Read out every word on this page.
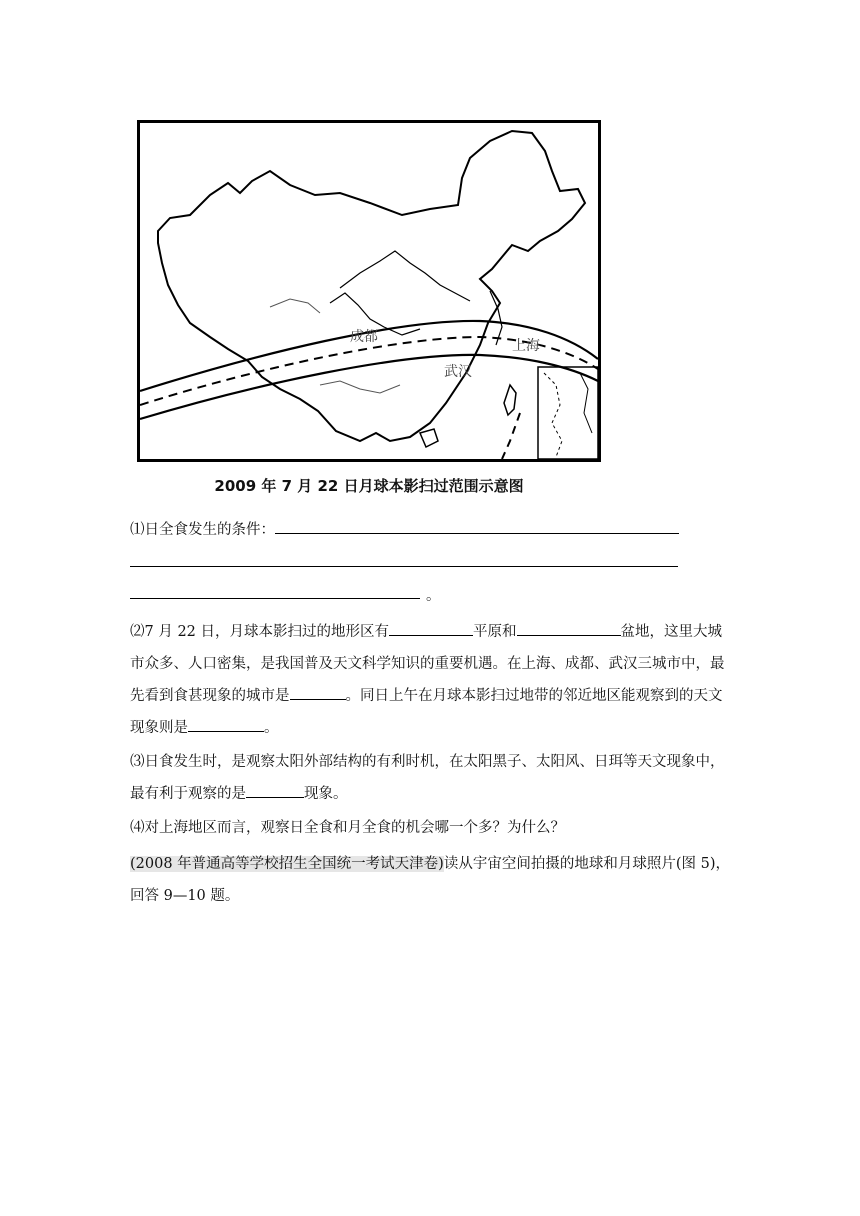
成都
上海
武汉
2009 年 7 月 22 日月球本影扫过范围示意图
⑴日全食发生的条件：
。
⑵7 月 22 日，月球本影扫过的地形区有	平原和	盆地，这里大城市众多、人口密集，是我国普及天文科学知识的重要机遇。在上海、成都、武汉三城市中，最先看到食甚现象的城市是	。同日上午在月球本影扫过地带的邻近地区能观察到的天文现象则是	。
⑶日食发生时，是观察太阳外部结构的有利时机，在太阳黑子、太阳风、日珥等天文现象中，最有利于观察的是	现象。
⑷对上海地区而言，观察日全食和月全食的机会哪一个多？为什么？
(2008 年普通高等学校招生全国统一考试天津卷)读从宇宙空间拍摄的地球和月球照片(图 5)，回答 9—10 题。
